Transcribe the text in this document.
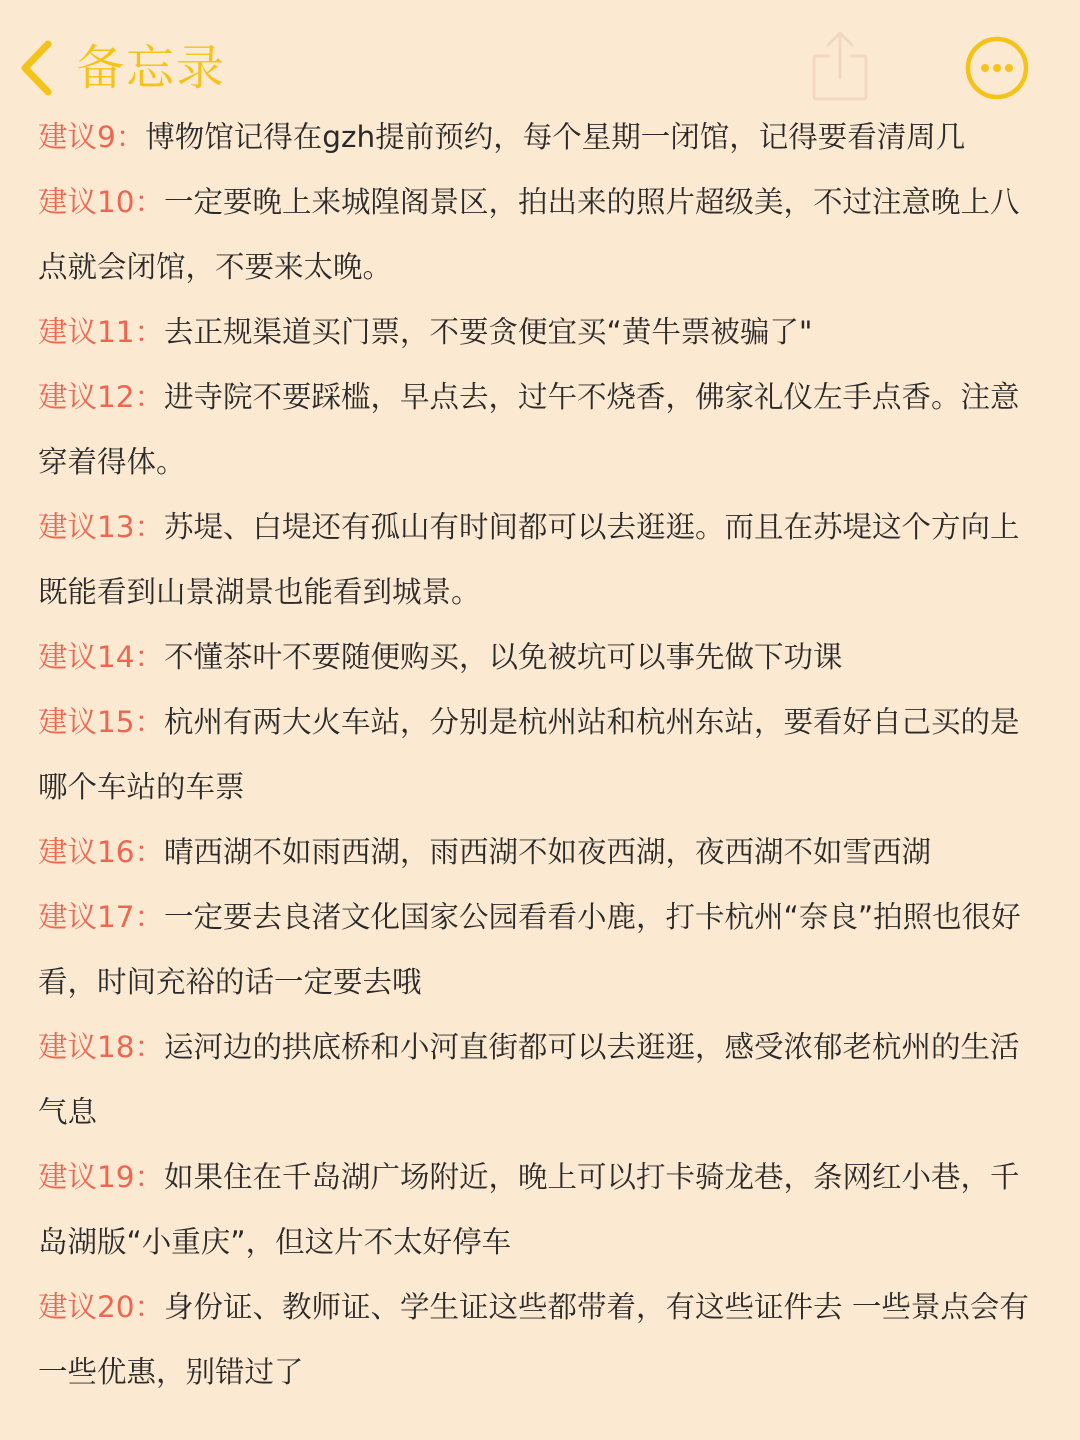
备忘录

建议9：博物馆记得在gzh提前预约，每个星期一闭馆，记得要看清周几

建议10：一定要晚上来城隍阁景区，拍出来的照片超级美，不过注意晚上八点就会闭馆，不要来太晚。

建议11：去正规渠道买门票，不要贪便宜买“黄牛票被骗了"

建议12：进寺院不要踩槛，早点去，过午不烧香，佛家礼仪左手点香。注意穿着得体。

建议13：苏堤、白堤还有孤山有时间都可以去逛逛。而且在苏堤这个方向上既能看到山景湖景也能看到城景。

建议14：不懂茶叶不要随便购买，以免被坑可以事先做下功课

建议15：杭州有两大火车站，分别是杭州站和杭州东站，要看好自己买的是哪个车站的车票

建议16：晴西湖不如雨西湖，雨西湖不如夜西湖，夜西湖不如雪西湖

建议17：一定要去良渚文化国家公园看看小鹿，打卡杭州“奈良”拍照也很好看，时间充裕的话一定要去哦

建议18：运河边的拱底桥和小河直街都可以去逛逛，感受浓郁老杭州的生活气息

建议19：如果住在千岛湖广场附近，晚上可以打卡骑龙巷，条网红小巷，千岛湖版“小重庆”，但这片不太好停车

建议20：身份证、教师证、学生证这些都带着，有这些证件去 一些景点会有一些优惠，别错过了
